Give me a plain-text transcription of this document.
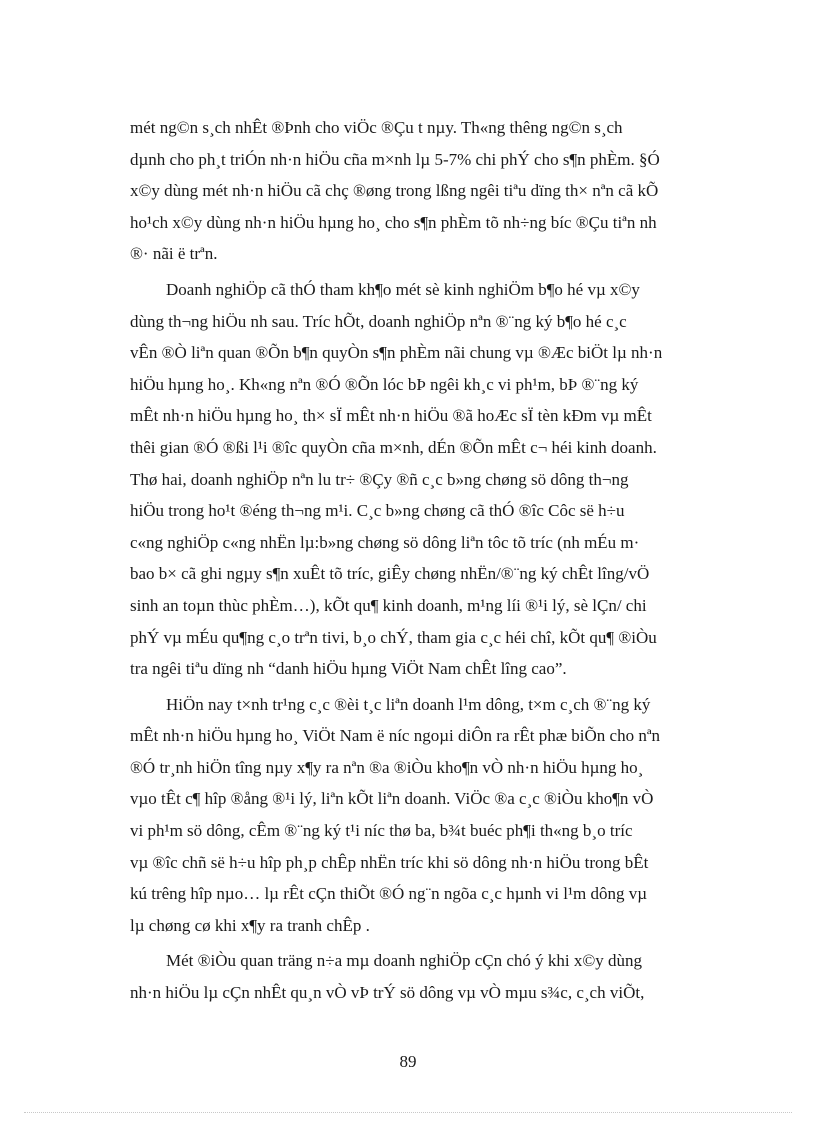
mét ng©n s¸ch nhÊt ®Þnh cho viÖc ®Çu t nµy. Th«ng thêng ng©n s¸ch
dµnh cho ph¸t triÓn nh·n hiÖu cña m×nh lµ 5-7% chi phÝ cho s¶n phÈm. §Ó
x©y dùng mét nh·n hiÖu cã chç ®øng trong lßng ngêi tiªu dïng th× nªn cã kÕ
ho¹ch x©y dùng nh·n hiÖu hµng ho¸ cho s¶n phÈm tõ nh÷ng bíc ®Çu tiªn nh
®· nãi ë trªn.

Doanh nghiÖp cã thÓ tham kh¶o mét sè kinh nghiÖm b¶o hé vµ x©y
dùng th¬ng hiÖu nh sau. Tríc hÕt, doanh nghiÖp nªn ®¨ng ký b¶o hé c¸c
vÊn ®Ò liªn quan ®Õn b¶n quyÒn s¶n phÈm nãi chung vµ ®Æc biÖt lµ nh·n
hiÖu hµng ho¸. Kh«ng nªn ®Ó ®Õn lóc bÞ ngêi kh¸c vi ph¹m, bÞ ®¨ng ký
mÊt nh·n hiÖu hµng ho¸ th× sÏ mÊt nh·n hiÖu ®ã hoÆc sÏ tèn kÐm vµ mÊt
thêi gian ®Ó ®ßi l¹i ®îc quyÒn cña m×nh, dÉn ®Õn mÊt c¬ héi kinh doanh.
Thø hai, doanh nghiÖp nªn lu tr÷ ®Çy ®ñ c¸c b»ng chøng sö dông th¬ng
hiÖu trong ho¹t ®éng th¬ng m¹i. C¸c b»ng chøng cã thÓ ®îc Côc së h÷u
c«ng nghiÖp c«ng nhËn lµ:b»ng chøng sö dông liªn tôc tõ tríc (nh mÉu m·
bao b× cã ghi ngµy s¶n xuÊt tõ tríc, giÊy chøng nhËn/®¨ng ký chÊt lîng/vÖ
sinh an toµn thùc phÈm…), kÕt qu¶ kinh doanh, m¹ng líi ®¹i lý, sè lÇn/ chi
phÝ vµ mÉu qu¶ng c¸o trªn tivi, b¸o chÝ, tham gia c¸c héi chî, kÕt qu¶ ®iÒu
tra ngêi tiªu dïng nh “danh hiÖu hµng ViÖt Nam chÊt lîng cao”.

HiÖn nay t×nh tr¹ng c¸c ®èi t¸c liªn doanh l¹m dông, t×m c¸ch ®¨ng ký
mÊt nh·n hiÖu hµng ho¸ ViÖt Nam ë níc ngoµi diÔn ra rÊt phæ biÕn cho nªn
®Ó tr¸nh hiÖn tîng nµy x¶y ra nªn ®a ®iÒu kho¶n vÒ nh·n hiÖu hµng ho¸
vµo tÊt c¶ hîp ®ång ®¹i lý, liªn kÕt liªn doanh. ViÖc ®a c¸c ®iÒu kho¶n vÒ
vi ph¹m sö dông, cÊm ®¨ng ký t¹i níc thø ba, b¾t buéc ph¶i th«ng b¸o tríc
vµ ®îc chñ së h÷u hîp ph¸p chÊp nhËn tríc khi sö dông nh·n hiÖu trong bÊt
kú trêng hîp nµo… lµ rÊt cÇn thiÕt ®Ó ng¨n ngõa c¸c hµnh vi l¹m dông vµ
lµ chøng cø khi x¶y ra tranh chÊp .

Mét ®iÒu quan träng n÷a mµ doanh nghiÖp cÇn chó ý khi x©y dùng
nh·n hiÖu lµ cÇn nhÊt qu¸n vÒ vÞ trÝ sö dông vµ vÒ mµu s¾c, c¸ch viÕt,

89
